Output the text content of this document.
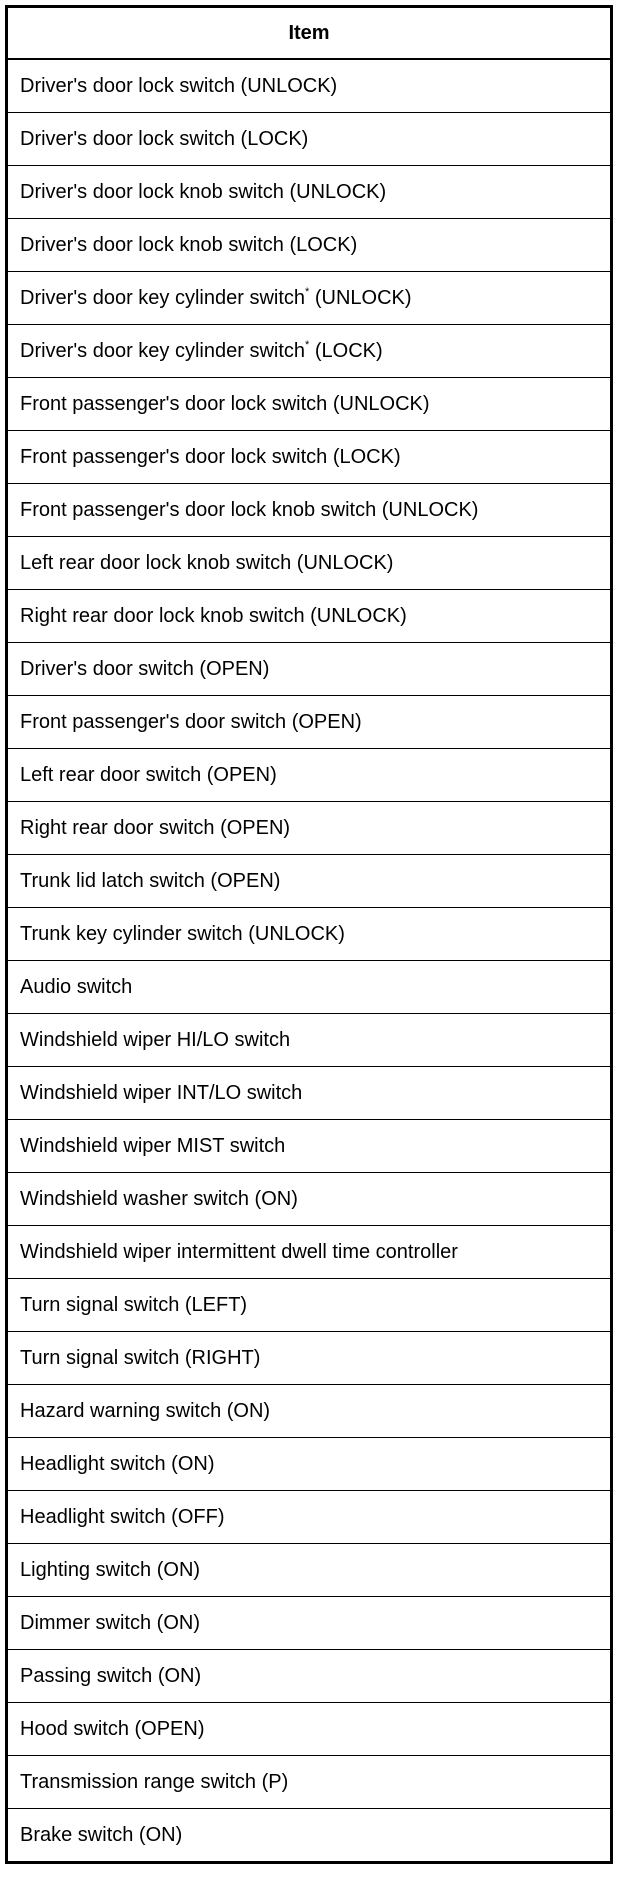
Item
Driver's door lock switch (UNLOCK)
Driver's door lock switch (LOCK)
Driver's door lock knob switch (UNLOCK)
Driver's door lock knob switch (LOCK)
Driver's door key cylinder switch* (UNLOCK)
Driver's door key cylinder switch* (LOCK)
Front passenger's door lock switch (UNLOCK)
Front passenger's door lock switch (LOCK)
Front passenger's door lock knob switch (UNLOCK)
Left rear door lock knob switch (UNLOCK)
Right rear door lock knob switch (UNLOCK)
Driver's door switch (OPEN)
Front passenger's door switch (OPEN)
Left rear door switch (OPEN)
Right rear door switch (OPEN)
Trunk lid latch switch (OPEN)
Trunk key cylinder switch (UNLOCK)
Audio switch
Windshield wiper HI/LO switch
Windshield wiper INT/LO switch
Windshield wiper MIST switch
Windshield washer switch (ON)
Windshield wiper intermittent dwell time controller
Turn signal switch (LEFT)
Turn signal switch (RIGHT)
Hazard warning switch (ON)
Headlight switch (ON)
Headlight switch (OFF)
Lighting switch (ON)
Dimmer switch (ON)
Passing switch (ON)
Hood switch (OPEN)
Transmission range switch (P)
Brake switch (ON)
